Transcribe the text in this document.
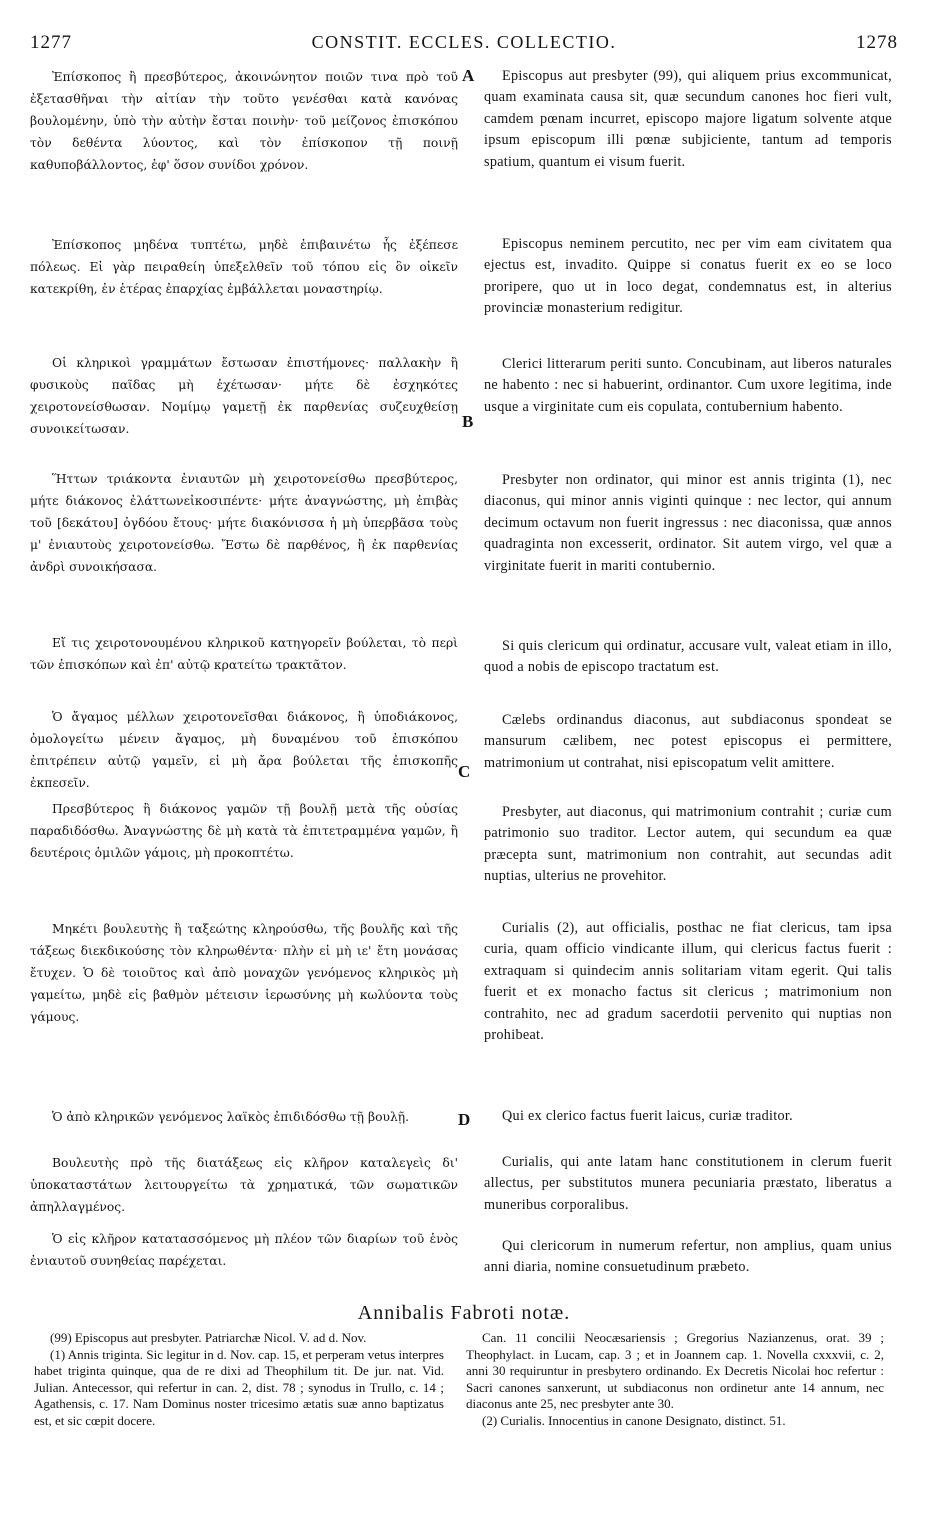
1277	CONSTIT. ECCLES. COLLECTIO.	1278

Ἐπίσκοπος ἢ πρεσβύτερος, ἀκοινώνητον ποιῶν τινα πρὸ τοῦ ἐξετασθῆναι τὴν αἰτίαν τὴν τοῦτο γενέσθαι κατὰ κανόνας βουλομένην, ὑπὸ τὴν αὐτὴν ἔσται ποινὴν· τοῦ μείζονος ἐπισκόπου τὸν δεθέντα λύοντος, καὶ τὸν ἐπίσκοπον τῇ ποινῇ καθυποβάλλοντος, ἐφ' ὅσον συνίδοι χρόνον.

Ἐπίσκοπος μηδένα τυπτέτω, μηδὲ ἐπιβαινέτω ἧς ἐξέπεσε πόλεως. Εἰ γὰρ πειραθείη ὑπεξελθεῖν τοῦ τόπου εἰς ὃν οἰκεῖν κατεκρίθη, ἐν ἑτέρας ἐπαρχίας ἐμβάλλεται μοναστηρίῳ.

Οἱ κληρικοὶ γραμμάτων ἔστωσαν ἐπιστήμονες· παλλακὴν ἢ φυσικοὺς παῖδας μὴ ἐχέτωσαν· μήτε δὲ ἐσχηκότες χειροτονείσθωσαν. Νομίμῳ γαμετῇ ἐκ παρθενίας συζευχθείσῃ συνοικείτωσαν.

Ἥττων τριάκοντα ἐνιαυτῶν μὴ χειροτονείσθω πρεσβύτερος, μήτε διάκονος ἐλάττωνεἰκοσιπέντε· μήτε ἀναγνώστης, μὴ ἐπιβὰς τοῦ [δεκάτου] ὀγδόου ἔτους· μήτε διακόνισσα ἡ μὴ ὑπερβᾶσα τοὺς μ' ἐνιαυτοὺς χειροτονείσθω. Ἔστω δὲ παρθένος, ἢ ἐκ παρθενίας ἀνδρὶ συνοικήσασα.

Εἴ τις χειροτονουμένου κληρικοῦ κατηγορεῖν βούλεται, τὸ περὶ τῶν ἐπισκόπων καὶ ἐπ' αὐτῷ κρατείτω τρακτᾶτον.

Ὁ ἄγαμος μέλλων χειροτονεῖσθαι διάκονος, ἢ ὑποδιάκονος, ὁμολογείτω μένειν ἄγαμος, μὴ δυναμένου τοῦ ἐπισκόπου ἐπιτρέπειν αὐτῷ γαμεῖν, εἰ μὴ ἄρα βούλεται τῆς ἐπισκοπῆς ἐκπεσεῖν.

Πρεσβύτερος ἢ διάκονος γαμῶν τῇ βουλῇ μετὰ τῆς οὐσίας παραδιδόσθω. Ἀναγνώστης δὲ μὴ κατὰ τὰ ἐπιτετραμμένα γαμῶν, ἢ δευτέροις ὁμιλῶν γάμοις, μὴ προκοπτέτω.

Μηκέτι βουλευτὴς ἢ ταξεώτης κληρούσθω, τῆς βουλῆς καὶ τῆς τάξεως διεκδικούσης τὸν κληρωθέντα· πλὴν εἰ μὴ ιε' ἔτη μονάσας ἔτυχεν. Ὁ δὲ τοιοῦτος καὶ ἀπὸ μοναχῶν γενόμενος κληρικὸς μὴ γαμείτω, μηδὲ εἰς βαθμὸν μέτεισιν ἱερωσύνης μὴ κωλύοντα τοὺς γάμους.

Ὁ ἀπὸ κληρικῶν γενόμενος λαϊκὸς ἐπιδιδόσθω τῇ βουλῇ.

Βουλευτὴς πρὸ τῆς διατάξεως εἰς κλῆρον καταλεγεὶς δι' ὑποκαταστάτων λειτουργείτω τὰ χρηματικά, τῶν σωματικῶν ἀπηλλαγμένος.

Ὁ εἰς κλῆρον κατατασσόμενος μὴ πλέον τῶν διαρίων τοῦ ἑνὸς ἐνιαυτοῦ συνηθείας παρέχεται.

A
B
C
D

Episcopus aut presbyter (99), qui aliquem prius excommunicat, quam examinata causa sit, quæ secundum canones hoc fieri vult, camdem pœnam incurret, episcopo majore ligatum solvente atque ipsum episcopum illi pœnæ subjiciente, tantum ad temporis spatium, quantum ei visum fuerit.

Episcopus neminem percutito, nec per vim eam civitatem qua ejectus est, invadito. Quippe si conatus fuerit ex eo se loco proripere, quo ut in loco degat, condemnatus est, in alterius provinciæ monasterium redigitur.

Clerici litterarum periti sunto. Concubinam, aut liberos naturales ne habento : nec si habuerint, ordinantor. Cum uxore legitima, inde usque a virginitate cum eis copulata, contubernium habento.

Presbyter non ordinator, qui minor est annis triginta (1), nec diaconus, qui minor annis viginti quinque : nec lector, qui annum decimum octavum non fuerit ingressus : nec diaconissa, quæ annos quadraginta non excesserit, ordinator. Sit autem virgo, vel quæ a virginitate fuerit in mariti contubernio.

Si quis clericum qui ordinatur, accusare vult, valeat etiam in illo, quod a nobis de episcopo tractatum est.

Cælebs ordinandus diaconus, aut subdiaconus spondeat se mansurum cælibem, nec potest episcopus ei permittere, matrimonium ut contrahat, nisi episcopatum velit amittere.

Presbyter, aut diaconus, qui matrimonium contrahit ; curiæ cum patrimonio suo traditor. Lector autem, qui secundum ea quæ præcepta sunt, matrimonium non contrahit, aut secundas adit nuptias, ulterius ne provehitor.

Curialis (2), aut officialis, posthac ne fiat clericus, tam ipsa curia, quam officio vindicante illum, qui clericus factus fuerit : extraquam si quindecim annis solitariam vitam egerit. Qui talis fuerit et ex monacho factus sit clericus ; matrimonium non contrahito, nec ad gradum sacerdotii pervenito qui nuptias non prohibeat.

Qui ex clerico factus fuerit laicus, curiæ traditor.

Curialis, qui ante latam hanc constitutionem in clerum fuerit allectus, per substitutos munera pecuniaria præstato, liberatus a muneribus corporalibus.

Qui clericorum in numerum refertur, non amplius, quam unius anni diaria, nomine consuetudinum præbeto.

Annibalis Fabroti notæ.

(99) Episcopus aut presbyter. Patriarchæ Nicol. V. ad d. Nov.

(1) Annis triginta. Sic legitur in d. Nov. cap. 15, et perperam vetus interpres habet triginta quinque, qua de re dixi ad Theophilum tit. De jur. nat. Vid. Julian. Antecessor, qui refertur in can. 2, dist. 78 ; synodus in Trullo, c. 14 ; Agathensis, c. 17. Nam Dominus noster tricesimo ætatis suæ anno baptizatus est, et sic cœpit docere.

Can. 11 concilii Neocæsariensis ; Gregorius Nazianzenus, orat. 39 ; Theophylact. in Lucam, cap. 3 ; et in Joannem cap. 1. Novella cxxxvii, c. 2, anni 30 requiruntur in presbytero ordinando. Ex Decretis Nicolai hoc refertur : Sacri canones sanxerunt, ut subdiaconus non ordinetur ante 14 annum, nec diaconus ante 25, nec presbyter ante 30.

(2) Curialis. Innocentius in canone Designato, distinct. 51.
